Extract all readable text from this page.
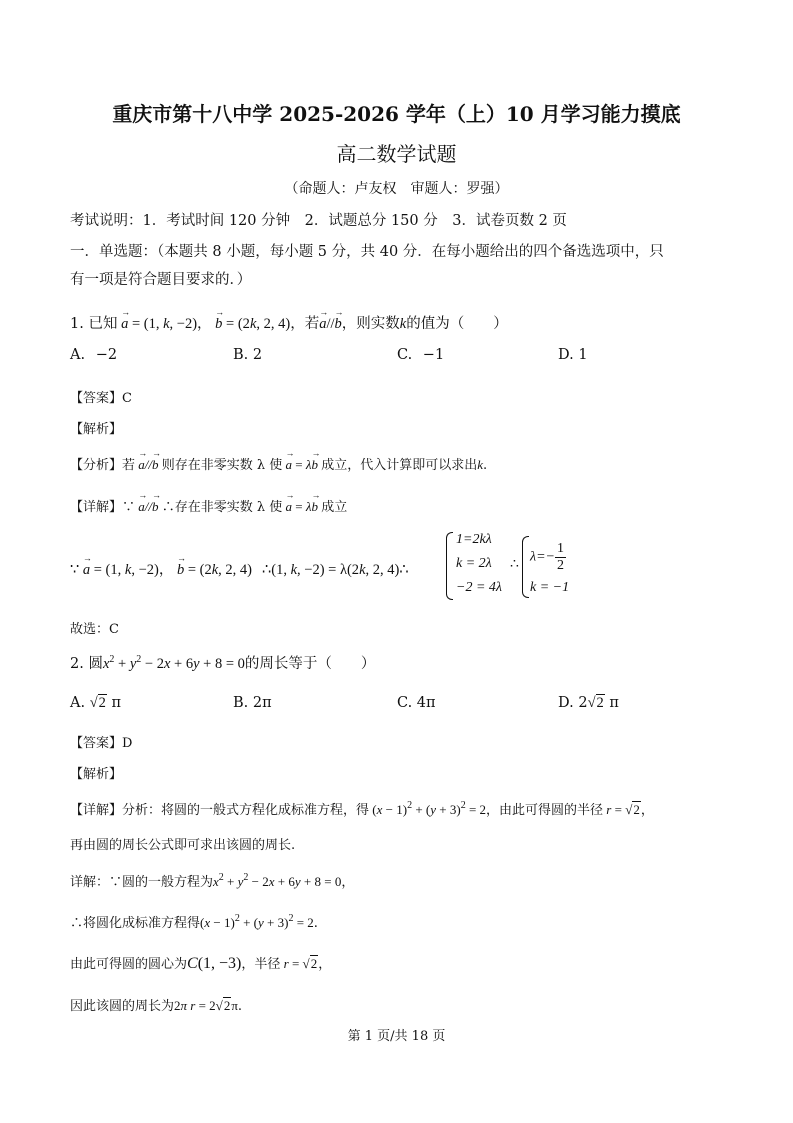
重庆市第十八中学 2025-2026 学年（上）10 月学习能力摸底
高二数学试题
（命题人：卢友权　审题人：罗强）
考试说明：1．考试时间 120 分钟　2．试题总分 150 分　3．试卷页数 2 页
一．单选题：（本题共 8 小题，每小题 5 分，共 40 分．在每小题给出的四个备选选项中，只
有一项是符合题目要求的．）
1. 已知 → a = (1, k, −2)， → b = (2k, 2, 4)，若→ a//→ b，则实数k的值为（　　）
A. −2	B. 2	C. −1	D. 1
【答案】C
【解析】
【分析】若 → a//→ b 则存在非零实数 λ 使 → a = λ→ b 成立，代入计算即可以求出k.
【详解】∵ → a//→ b ∴存在非零实数 λ 使 → a = λ→ b 成立
∵ → a = (1, k, −2)， → b = (2k, 2, 4) ∴(1, k, −2) = λ(2k, 2, 4)∴
1=2kλ
k = 2λ
−2 = 4λ
∴ $\lambda=- \frac{1}{2}$
k = −1
故选：C
2. 圆$x^2 + y^2 - 2x + 6y + 8 = 0$的周长等于（　　）
A. √2 π	B. 2π	C. 4π	D. 2√2 π
【答案】D
【解析】
【详解】分析：将圆的一般式方程化成标准方程，得 $(x - 1)^2 + (y + 3)^2 = 2$，由此可得圆的半径 r = √2，
再由圆的周长公式即可求出该圆的周长.
详解：∵圆的一般方程为$x^2 + y^2 - 2x + 6y + 8 = 0$，
∴将圆化成标准方程得$(x - 1)^2 + (y + 3)^2 = 2$.
由此可得圆的圆心为C(1, −3)，半径 r = √2，
因此该圆的周长为2π r = 2√2π.
第 1 页/共 18 页
